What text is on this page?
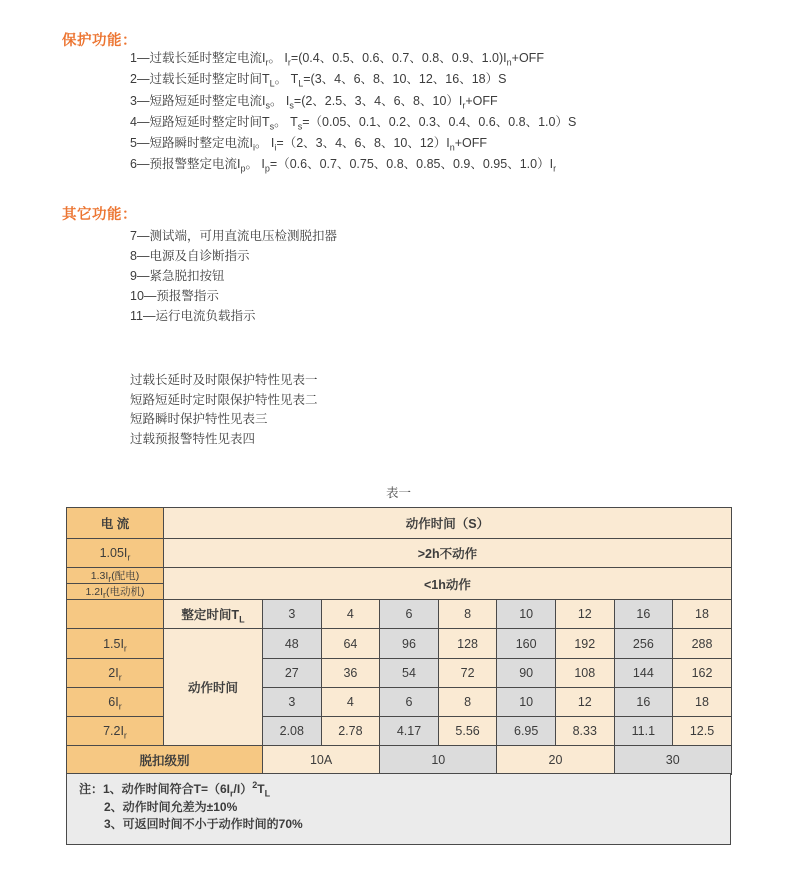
保护功能：
1—过载长延时整定电流$I_r$。 $I_r=(0.4$、0.5、0.6、0.7、0.8、0.9、$1.0)I_n+OFF$
2—过载长延时整定时间$T_L$。 $T_L=(3$、4、6、8、10、12、16、18）S
3—短路短延时整定电流$I_s$。 $I_s=(2$、2.5、3、4、6、8、$10)I_r+OFF$
4—短路短延时整定时间$T_s$。 $T_s=(0.05$、0.1、0.2、0.3、0.4、0.6、0.8、1.0）S
5—短路瞬时整定电流$I_i$。 $I_i=(2$、3、4、6、8、10、$12)I_n+OFF$
6—预报警整定电流$I_p$。 $I_p=(0.6$、0.7、0.75、0.8、0.85、0.9、0.95、$1.0)I_r$
其它功能：
7—测试端，可用直流电压检测脱扣器
8—电源及自诊断指示
9—紧急脱扣按钮
10—预报警指示
11—运行电流负载指示
过载长延时及时限保护特性见表一
短路短延时定时限保护特性见表二
短路瞬时保护特性见表三
过载预报警特性见表四
表一
电 流	动作时间（S）								
$1.05I_r$	>2h不动作								
$1.3I_r$(配电)	<1h动作								
$1.2I_r$(电动机)									
	整定时间$T_L$	3	4	6	8	10	12	16	18
$1.5I_r$	动作时间	48	64	96	128	160	192	256	288
$2I_r$		27	36	54	72	90	108	144	162
$6I_r$		3	4	6	8	10	12	16	18
$7.2I_r$		2.08	2.78	4.17	5.56	6.95	8.33	11.1	12.5
脱扣级别		10A		10		20		30	
注：1、动作时间符合$T=(6I_r/I)^2T_L$
2、动作时间允差为±10%
3、可返回时间不小于动作时间的70%
